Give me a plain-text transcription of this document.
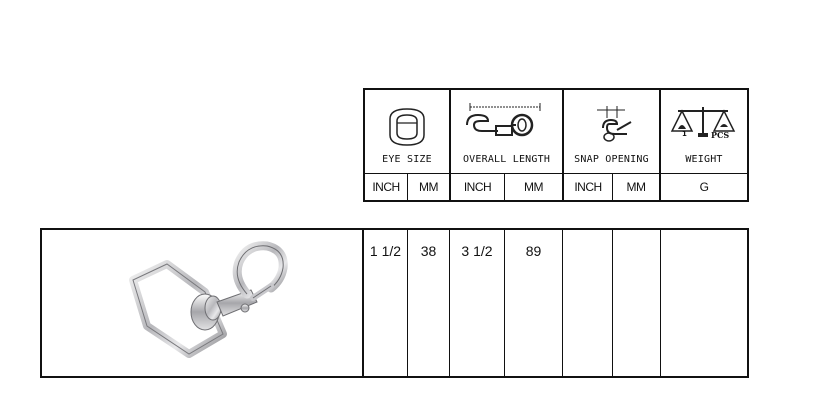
1	PCS
EYE SIZE	OVERALL LENGTH	SNAP OPENING	WEIGHT
INCH	MM	INCH	MM	INCH	MM	G
1 1/2	38	3 1/2	89
